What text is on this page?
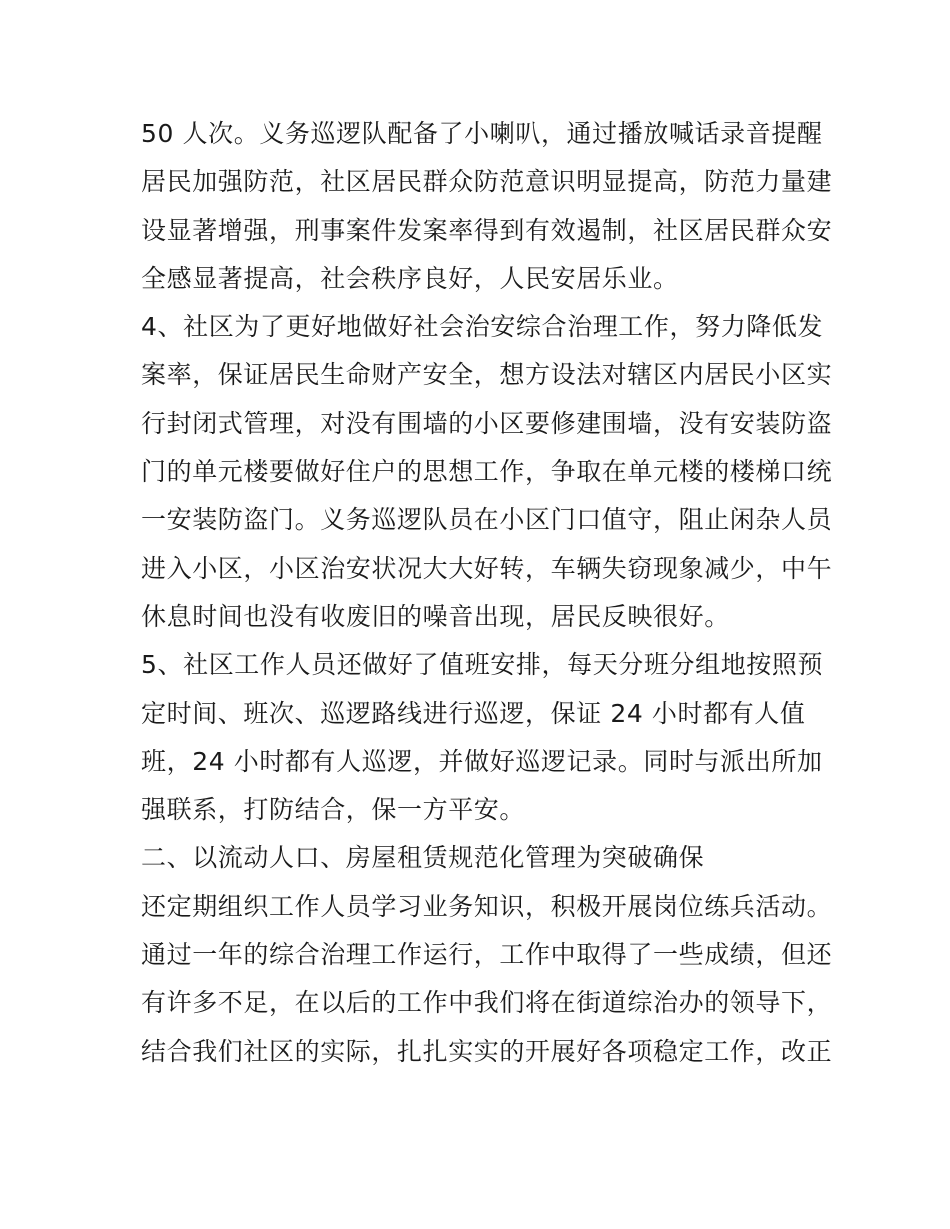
50 人次。义务巡逻队配备了小喇叭，通过播放喊话录音提醒
居民加强防范，社区居民群众防范意识明显提高，防范力量建
设显著增强，刑事案件发案率得到有效遏制，社区居民群众安
全感显著提高，社会秩序良好，人民安居乐业。
4、社区为了更好地做好社会治安综合治理工作，努力降低发
案率，保证居民生命财产安全，想方设法对辖区内居民小区实
行封闭式管理，对没有围墙的小区要修建围墙，没有安装防盗
门的单元楼要做好住户的思想工作，争取在单元楼的楼梯口统
一安装防盗门。义务巡逻队员在小区门口值守，阻止闲杂人员
进入小区，小区治安状况大大好转，车辆失窃现象减少，中午
休息时间也没有收废旧的噪音出现，居民反映很好。
5、社区工作人员还做好了值班安排，每天分班分组地按照预
定时间、班次、巡逻路线进行巡逻，保证 24 小时都有人值
班，24 小时都有人巡逻，并做好巡逻记录。同时与派出所加
强联系，打防结合，保一方平安。
二、以流动人口、房屋租赁规范化管理为突破确保
还定期组织工作人员学习业务知识，积极开展岗位练兵活动。
通过一年的综合治理工作运行，工作中取得了一些成绩，但还
有许多不足，在以后的工作中我们将在街道综治办的领导下，
结合我们社区的实际，扎扎实实的开展好各项稳定工作，改正
